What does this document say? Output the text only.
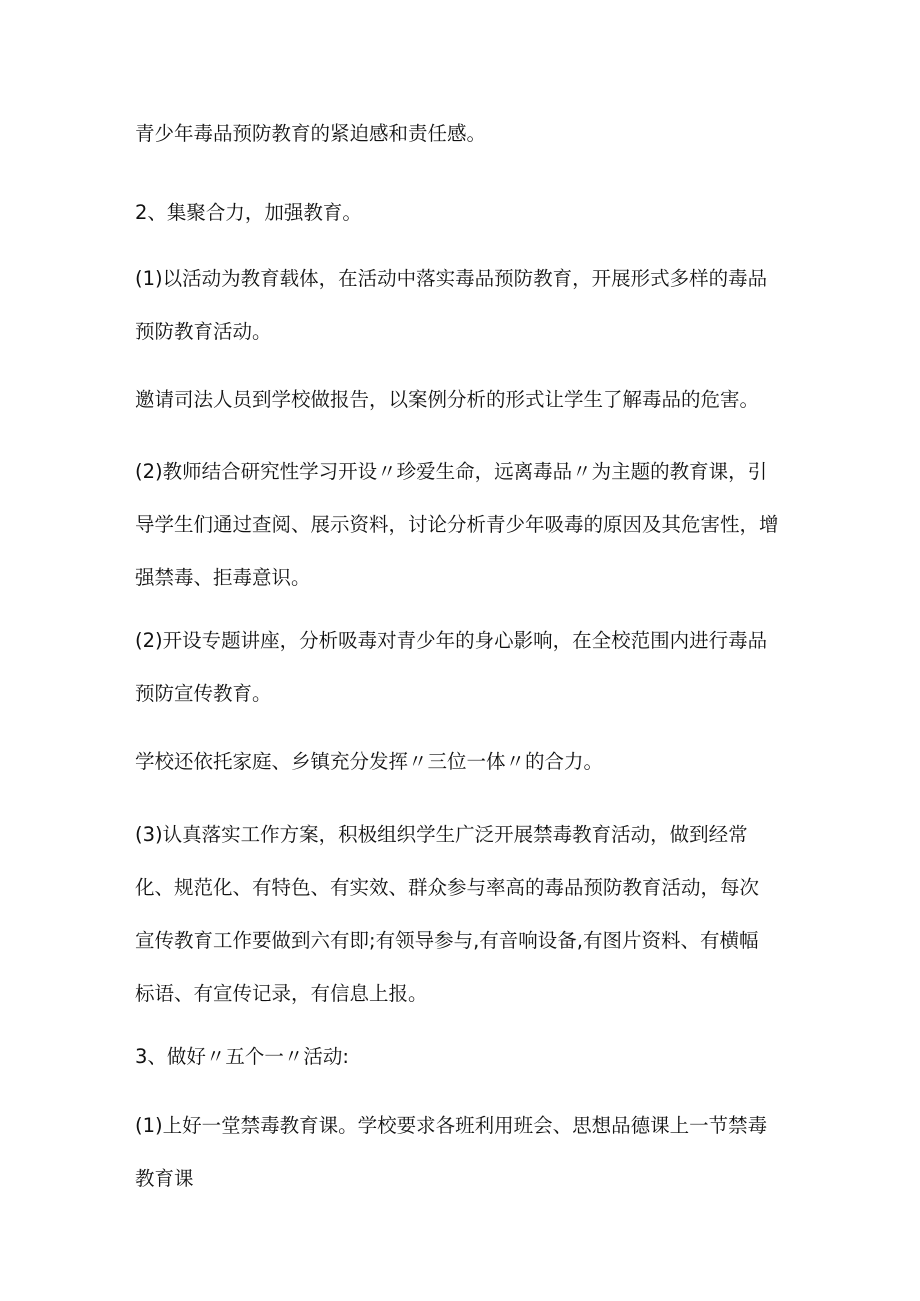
青少年毒品预防教育的紧迫感和责任感。

2、集聚合力，加强教育。

(1)以活动为教育载体，在活动中落实毒品预防教育，开展形式多样的毒品
预防教育活动。

邀请司法人员到学校做报告，以案例分析的形式让学生了解毒品的危害。

(2)教师结合研究性学习开设〃珍爱生命，远离毒品〃为主题的教育课，引
导学生们通过查阅、展示资料，讨论分析青少年吸毒的原因及其危害性，增
强禁毒、拒毒意识。

(2)开设专题讲座，分析吸毒对青少年的身心影响，在全校范围内进行毒品
预防宣传教育。

学校还依托家庭、乡镇充分发挥〃三位一体〃的合力。

(3)认真落实工作方案，积极组织学生广泛开展禁毒教育活动，做到经常
化、规范化、有特色、有实效、群众参与率高的毒品预防教育活动，每次
宣传教育工作要做到六有即;有领导参与,有音响设备,有图片资料、有横幅
标语、有宣传记录，有信息上报。

3、做好〃五个一〃活动:

(1)上好一堂禁毒教育课。学校要求各班利用班会、思想品德课上一节禁毒
教育课
